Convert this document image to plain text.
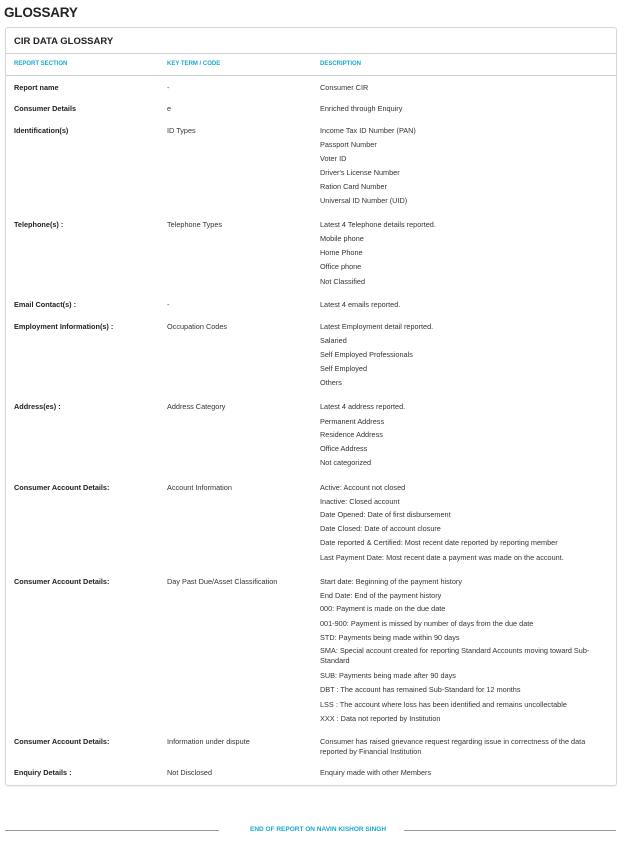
GLOSSARY
CIR DATA GLOSSARY
REPORT SECTION	KEY TERM / CODE	DESCRIPTION
Report name	-	Consumer CIR
Consumer Details	e	Enriched through Enquiry
Identification(s)	ID Types	Income Tax ID Number (PAN)
Passport Number
Voter ID
Driver's License Number
Ration Card Number
Universal ID Number (UID)
Telephone(s) :	Telephone Types	Latest 4 Telephone details reported.
Mobile phone
Home Phone
Office phone
Not Classified
Email Contact(s) :	-	Latest 4 emails reported.
Employment Information(s) :	Occupation Codes	Latest Employment detail reported.
Salaried
Self Employed Professionals
Self Employed
Others
Address(es) :	Address Category	Latest 4 address reported.
Permanent Address
Residence Address
Office Address
Not categorized
Consumer Account Details:	Account Information	Active: Account not closed
Inactive: Closed account
Date Opened: Date of first disbursement
Date Closed: Date of account closure
Date reported & Certified: Most recent date reported by reporting member
Last Payment Date: Most recent date a payment was made on the account.
Consumer Account Details:	Day Past Due/Asset Classification	Start date: Beginning of the payment history
End Date: End of the payment history
000: Payment is made on the due date
001-900: Payment is missed by number of days from the due date
STD: Payments being made within 90 days
SMA: Special account created for reporting Standard Accounts moving toward Sub-Standard
SUB: Payments being made after 90 days
DBT : The account has remained Sub-Standard for 12 months
LSS : The account where loss has been identified and remains uncollectable
XXX : Data not reported by Institution
Consumer Account Details:	Information under dispute	Consumer has raised grievance request regarding issue in correctness of the data reported by Financial Institution
Enquiry Details :	Not Disclosed	Enquiry made with other Members
END OF REPORT ON NAVIN KISHOR SINGH
